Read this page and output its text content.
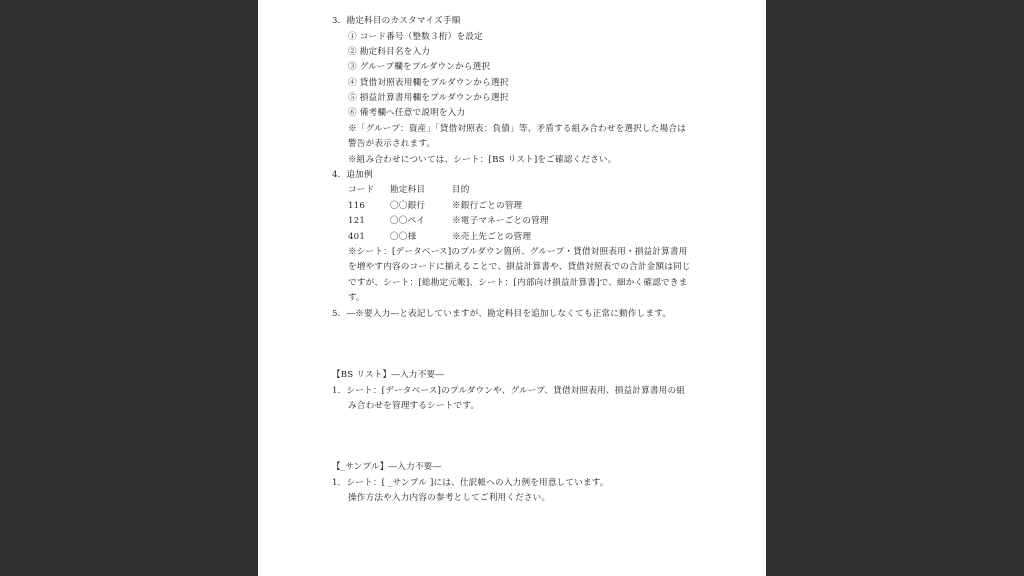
3．勘定科目のカスタマイズ手順
① コード番号（整数３桁）を設定
② 勘定科目名を入力
③ グループ欄をプルダウンから選択
④ 貸借対照表用欄をプルダウンから選択
⑤ 損益計算書用欄をプルダウンから選択
⑥ 備考欄へ任意で説明を入力
※「グループ：資産」「貸借対照表：負債」等、矛盾する組み合わせを選択した場合は
警告が表示されます。
※組み合わせについては、シート：[BS リスト]をご確認ください。
4．追加例
コード 勘定科目	目的
116	〇〇銀行	※銀行ごとの管理
121	〇〇ペイ	※電子マネーごとの管理
401	〇〇様	※売上先ごとの管理
※シート：[データベース]のプルダウン箇所、グループ・貸借対照表用・損益計算書用
を増やす内容のコードに揃えることで、損益計算書や、貸借対照表での合計金額は同じ
ですが、シート：[総勘定元帳]、シート：[内部向け損益計算書]で、細かく確認できま
す。
5．―※要入力―と表記していますが、勘定科目を追加しなくても正常に動作します。
【BS リスト】―入力不要―
1．シート：[データベース]のプルダウンや、グループ、貸借対照表用、損益計算書用の組
み合わせを管理するシートです。
【_サンプル】―入力不要―
1．シート：[ _サンプル ]には、仕訳帳への入力例を用意しています。
操作方法や入力内容の参考としてご利用ください。
